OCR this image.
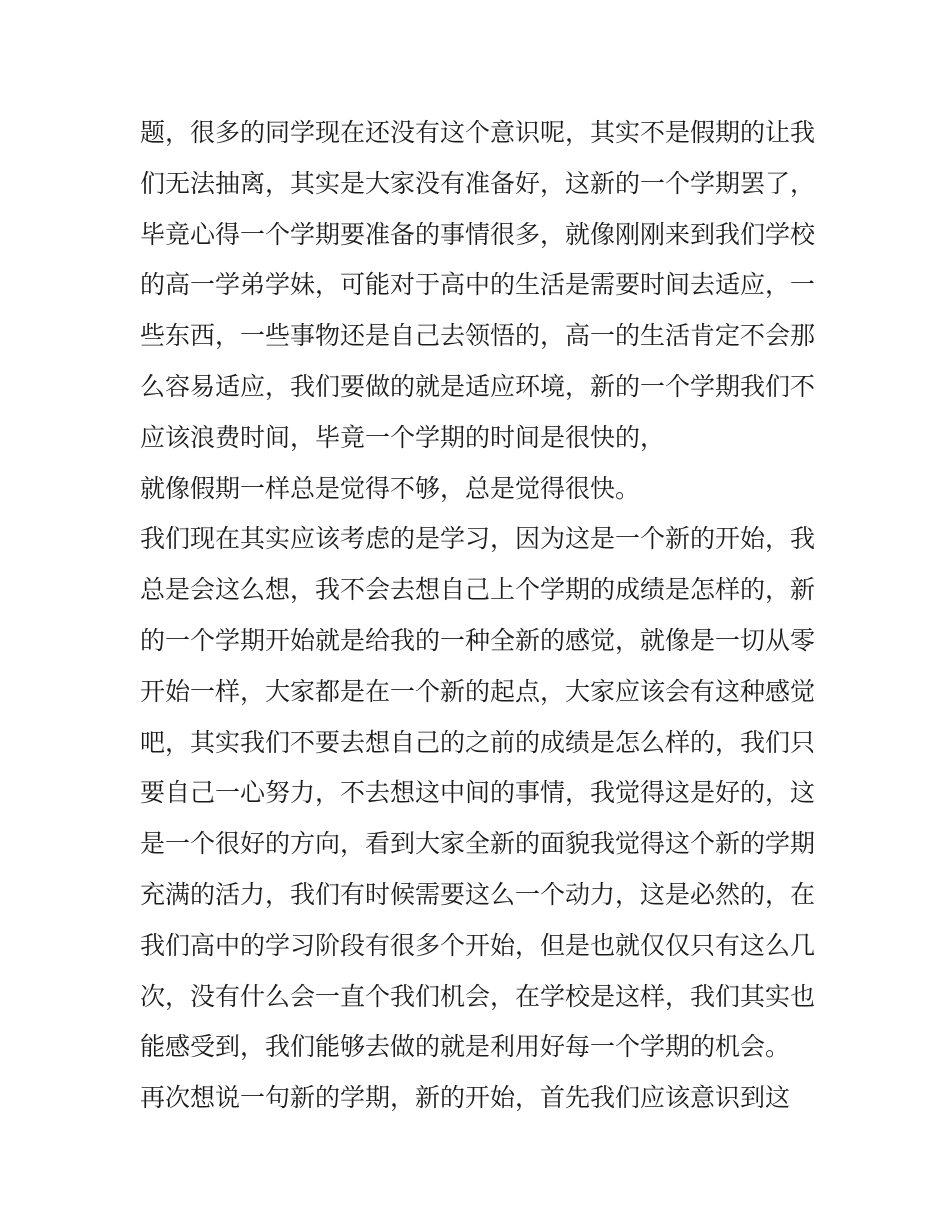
题，很多的同学现在还没有这个意识呢，其实不是假期的让我
们无法抽离，其实是大家没有准备好，这新的一个学期罢了，
毕竟心得一个学期要准备的事情很多，就像刚刚来到我们学校
的高一学弟学妹，可能对于高中的生活是需要时间去适应，一
些东西，一些事物还是自己去领悟的，高一的生活肯定不会那
么容易适应，我们要做的就是适应环境，新的一个学期我们不
应该浪费时间，毕竟一个学期的时间是很快的，
就像假期一样总是觉得不够，总是觉得很快。
我们现在其实应该考虑的是学习，因为这是一个新的开始，我
总是会这么想，我不会去想自己上个学期的成绩是怎样的，新
的一个学期开始就是给我的一种全新的感觉，就像是一切从零
开始一样，大家都是在一个新的起点，大家应该会有这种感觉
吧，其实我们不要去想自己的之前的成绩是怎么样的，我们只
要自己一心努力，不去想这中间的事情，我觉得这是好的，这
是一个很好的方向，看到大家全新的面貌我觉得这个新的学期
充满的活力，我们有时候需要这么一个动力，这是必然的，在
我们高中的学习阶段有很多个开始，但是也就仅仅只有这么几
次，没有什么会一直个我们机会，在学校是这样，我们其实也
能感受到，我们能够去做的就是利用好每一个学期的机会。
再次想说一句新的学期，新的开始，首先我们应该意识到这
